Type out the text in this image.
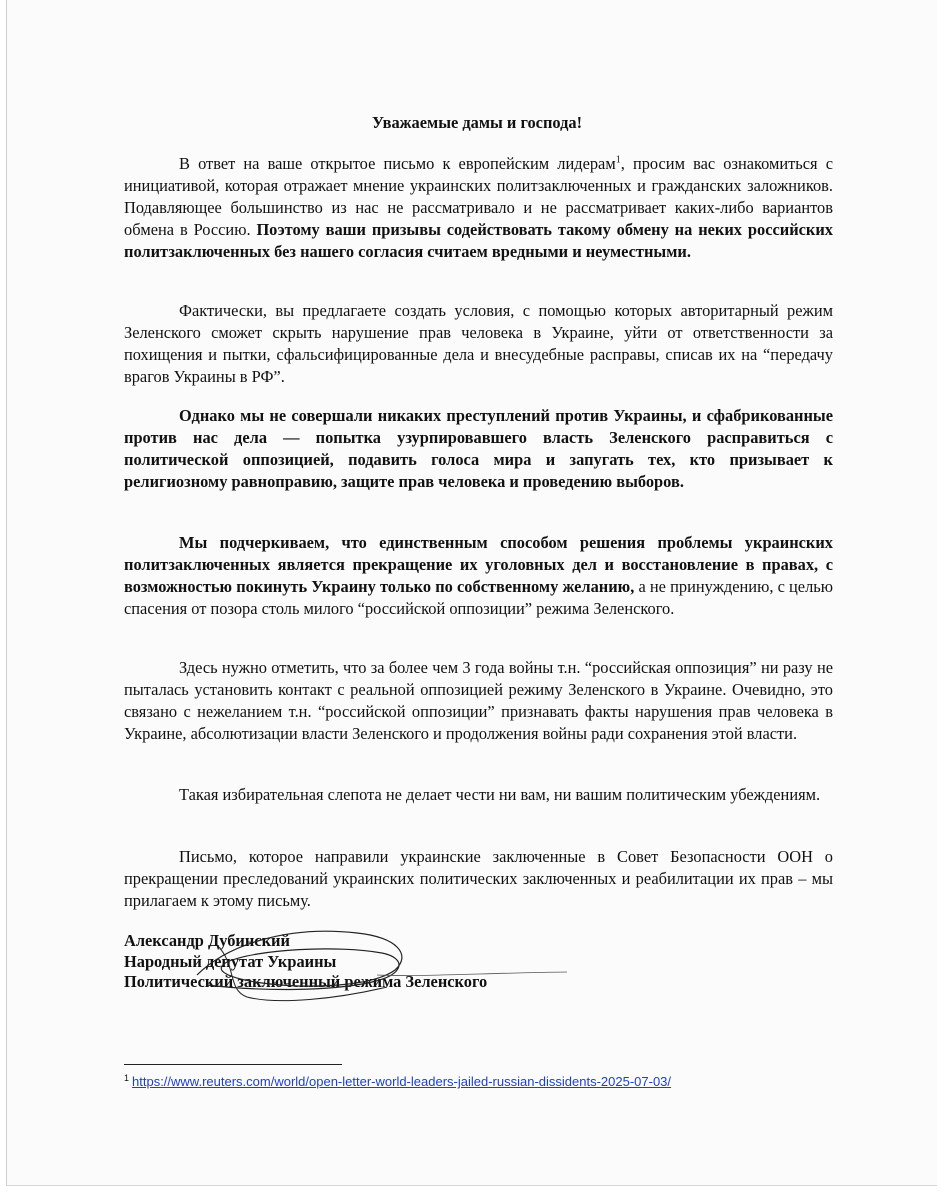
Уважаемые дамы и господа!

В ответ на ваше открытое письмо к европейским лидерам$^1$, просим вас ознакомиться с инициативой, которая отражает мнение украинских политзаключенных и гражданских заложников. Подавляющее большинство из нас не рассматривало и не рассматривает каких-либо вариантов обмена в Россию. Поэтому ваши призывы содействовать такому обмену на неких российских политзаключенных без нашего согласия считаем вредными и неуместными.

Фактически, вы предлагаете создать условия, с помощью которых авторитарный режим Зеленского сможет скрыть нарушение прав человека в Украине, уйти от ответственности за похищения и пытки, сфальсифицированные дела и внесудебные расправы, списав их на “передачу врагов Украины в РФ”.

Однако мы не совершали никаких преступлений против Украины, и сфабрикованные против нас дела — попытка узурпировавшего власть Зеленского расправиться с политической оппозицией, подавить голоса мира и запугать тех, кто призывает к религиозному равноправию, защите прав человека и проведению выборов.

Мы подчеркиваем, что единственным способом решения проблемы украинских политзаключенных является прекращение их уголовных дел и восстановление в правах, с возможностью покинуть Украину только по собственному желанию, а не принуждению, с целью спасения от позора столь милого “российской оппозиции” режима Зеленского.

Здесь нужно отметить, что за более чем 3 года войны т.н. “российская оппозиция” ни разу не пыталась установить контакт с реальной оппозицией режиму Зеленского в Украине. Очевидно, это связано с нежеланием т.н. “российской оппозиции” признавать факты нарушения прав человека в Украине, абсолютизации власти Зеленского и продолжения войны ради сохранения этой власти.

Такая избирательная слепота не делает чести ни вам, ни вашим политическим убеждениям.

Письмо, которое направили украинские заключенные в Совет Безопасности ООН о прекращении преследований украинских политических заключенных и реабилитации их прав – мы прилагаем к этому письму.

Александр Дубинский
Народный депутат Украины
Политический заключенный режима Зеленского
$^1$ https://www.reuters.com/world/open-letter-world-leaders-jailed-russian-dissidents-2025-07-03/
